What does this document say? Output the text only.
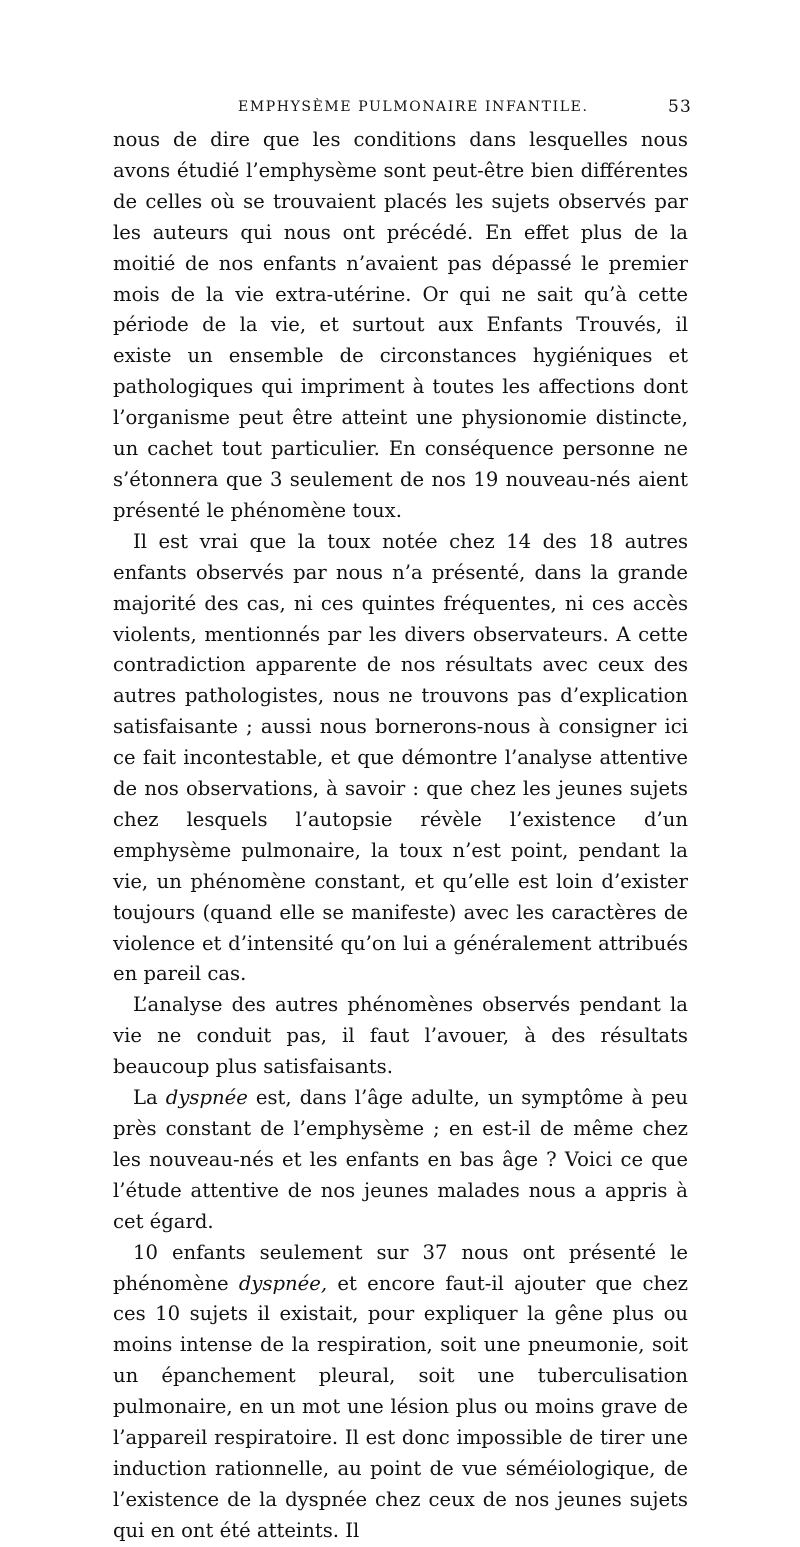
EMPHYSÈME PULMONAIRE INFANTILE.	53

nous de dire que les conditions dans lesquelles nous avons étudié l’emphysème sont peut-être bien différentes de celles où se trouvaient placés les sujets observés par les auteurs qui nous ont précédé. En effet plus de la moitié de nos enfants n’avaient pas dépassé le premier mois de la vie extra-utérine. Or qui ne sait qu’à cette période de la vie, et surtout aux Enfants Trouvés, il existe un ensemble de circonstances hygiéniques et pathologiques qui impriment à toutes les affections dont l’organisme peut être atteint une physionomie distincte, un cachet tout particulier. En conséquence personne ne s’étonnera que 3 seulement de nos 19 nouveau-nés aient présenté le phénomène toux.

Il est vrai que la toux notée chez 14 des 18 autres enfants observés par nous n’a présenté, dans la grande majorité des cas, ni ces quintes fréquentes, ni ces accès violents, mentionnés par les divers observateurs. A cette contradiction apparente de nos résultats avec ceux des autres pathologistes, nous ne trouvons pas d’explication satisfaisante ; aussi nous bornerons-nous à consigner ici ce fait incontestable, et que démontre l’analyse attentive de nos observations, à savoir : que chez les jeunes sujets chez lesquels l’autopsie révèle l’existence d’un emphysème pulmonaire, la toux n’est point, pendant la vie, un phénomène constant, et qu’elle est loin d’exister toujours (quand elle se manifeste) avec les caractères de violence et d’intensité qu’on lui a généralement attribués en pareil cas.

L’analyse des autres phénomènes observés pendant la vie ne conduit pas, il faut l’avouer, à des résultats beaucoup plus satisfaisants.

La dyspnée est, dans l’âge adulte, un symptôme à peu près constant de l’emphysème ; en est-il de même chez les nouveau-nés et les enfants en bas âge ? Voici ce que l’étude attentive de nos jeunes malades nous a appris à cet égard.

10 enfants seulement sur 37 nous ont présenté le phénomène dyspnée, et encore faut-il ajouter que chez ces 10 sujets il existait, pour expliquer la gêne plus ou moins intense de la respiration, soit une pneumonie, soit un épanchement pleural, soit une tuberculisation pulmonaire, en un mot une lésion plus ou moins grave de l’appareil respiratoire. Il est donc impossible de tirer une induction rationnelle, au point de vue séméiologique, de l’existence de la dyspnée chez ceux de nos jeunes sujets qui en ont été atteints. Il
